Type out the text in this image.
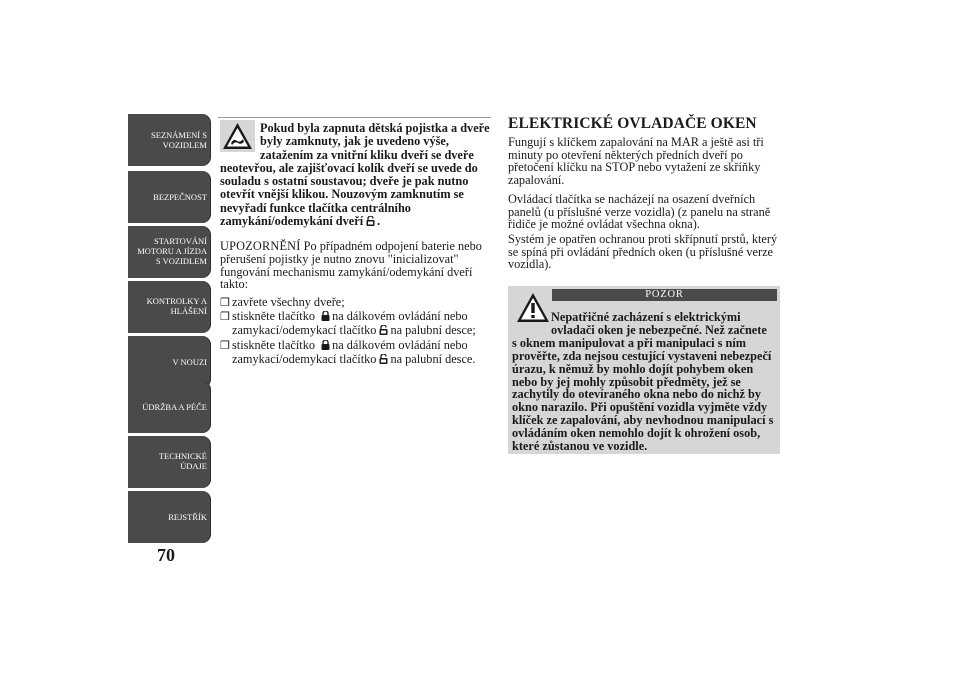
SEZNÁMENÍ S
VOZIDLEM
BEZPEČNOST
STARTOVÁNÍ
MOTORU A JÍZDA
S VOZIDLEM
KONTROLKY A
HLÁŠENÍ
V NOUZI
ÚDRŽBA A PÉČE
TECHNICKÉ
ÚDAJE
REJSTŘÍK
70
Pokud byla zapnuta dětská pojistka a dveře
byly zamknuty, jak je uvedeno výše,
zatažením za vnitřní kliku dveří se dveře
neotevřou, ale zajišťovací kolík dveří se uvede do souladu s ostatní soustavou; dveře je pak nutno otevřít vnější klikou. Nouzovým zamknutím se nevyřadí funkce tlačítka centrálního zamykání/odemykání dveří .
UPOZORNĚNÍ Po případném odpojení baterie nebo přerušení pojistky je nutno znovu "inicializovat" fungování mechanismu zamykání/odemykání dveří takto:
❒ zavřete všechny dveře;
❒ stiskněte tlačítko na dálkovém ovládání nebo
zamykací/odemykací tlačítko na palubní desce;
❒ stiskněte tlačítko na dálkovém ovládání nebo
zamykací/odemykací tlačítko na palubní desce.
ELEKTRICKÉ OVLADAČE OKEN
Fungují s klíčkem zapalování na MAR a ještě asi tři minuty po otevření některých předních dveří po přetočení klíčku na STOP nebo vytažení ze skříňky zapalování.
Ovládací tlačítka se nacházejí na osazení dveřních panelů (u příslušné verze vozidla) (z panelu na straně řidiče je možné ovládat všechna okna).
Systém je opatřen ochranou proti skřípnutí prstů, který se spíná při ovládání předních oken (u příslušné verze vozidla).
POZOR
Nepatřičné zacházení s elektrickými
ovladači oken je nebezpečné. Než začnete
s oknem manipulovat a při manipulaci s ním prověřte, zda nejsou cestující vystaveni nebezpečí úrazu, k němuž by mohlo dojít pohybem oken nebo by jej mohly způsobit předměty, jež se zachytily do otevíraného okna nebo do nichž by okno narazilo. Při opuštění vozidla vyjměte vždy klíček ze zapalování, aby nevhodnou manipulací s ovládáním oken nemohlo dojít k ohrožení osob, které zůstanou ve vozidle.
